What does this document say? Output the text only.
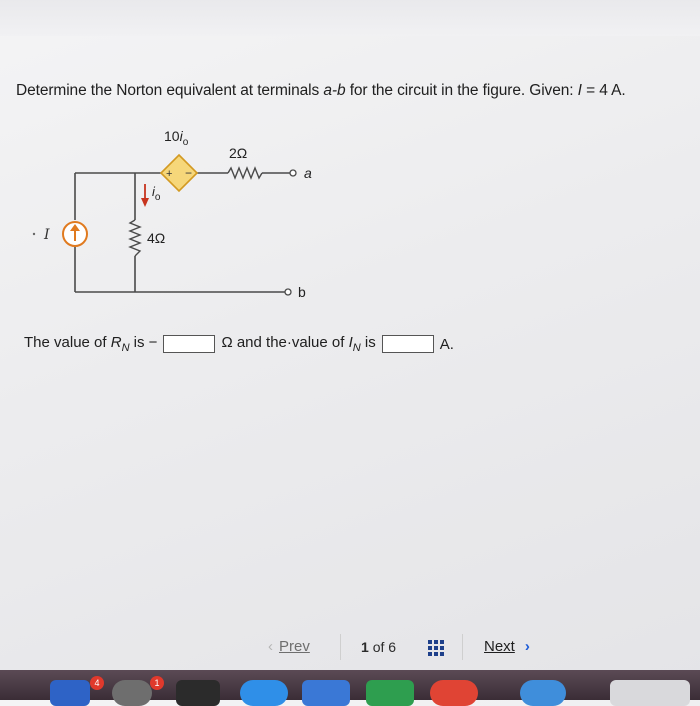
Determine the Norton equivalent at terminals a-b for the circuit in the figure. Given: I = 4 A.
+ −
$10i_o$
I
$i_o$
2Ω
4Ω
a
b
The value of $R_N$ is −	Ω and the·value of $I_N$ is	A.
‹ Prev	1 of 6	Next ›
4	1
